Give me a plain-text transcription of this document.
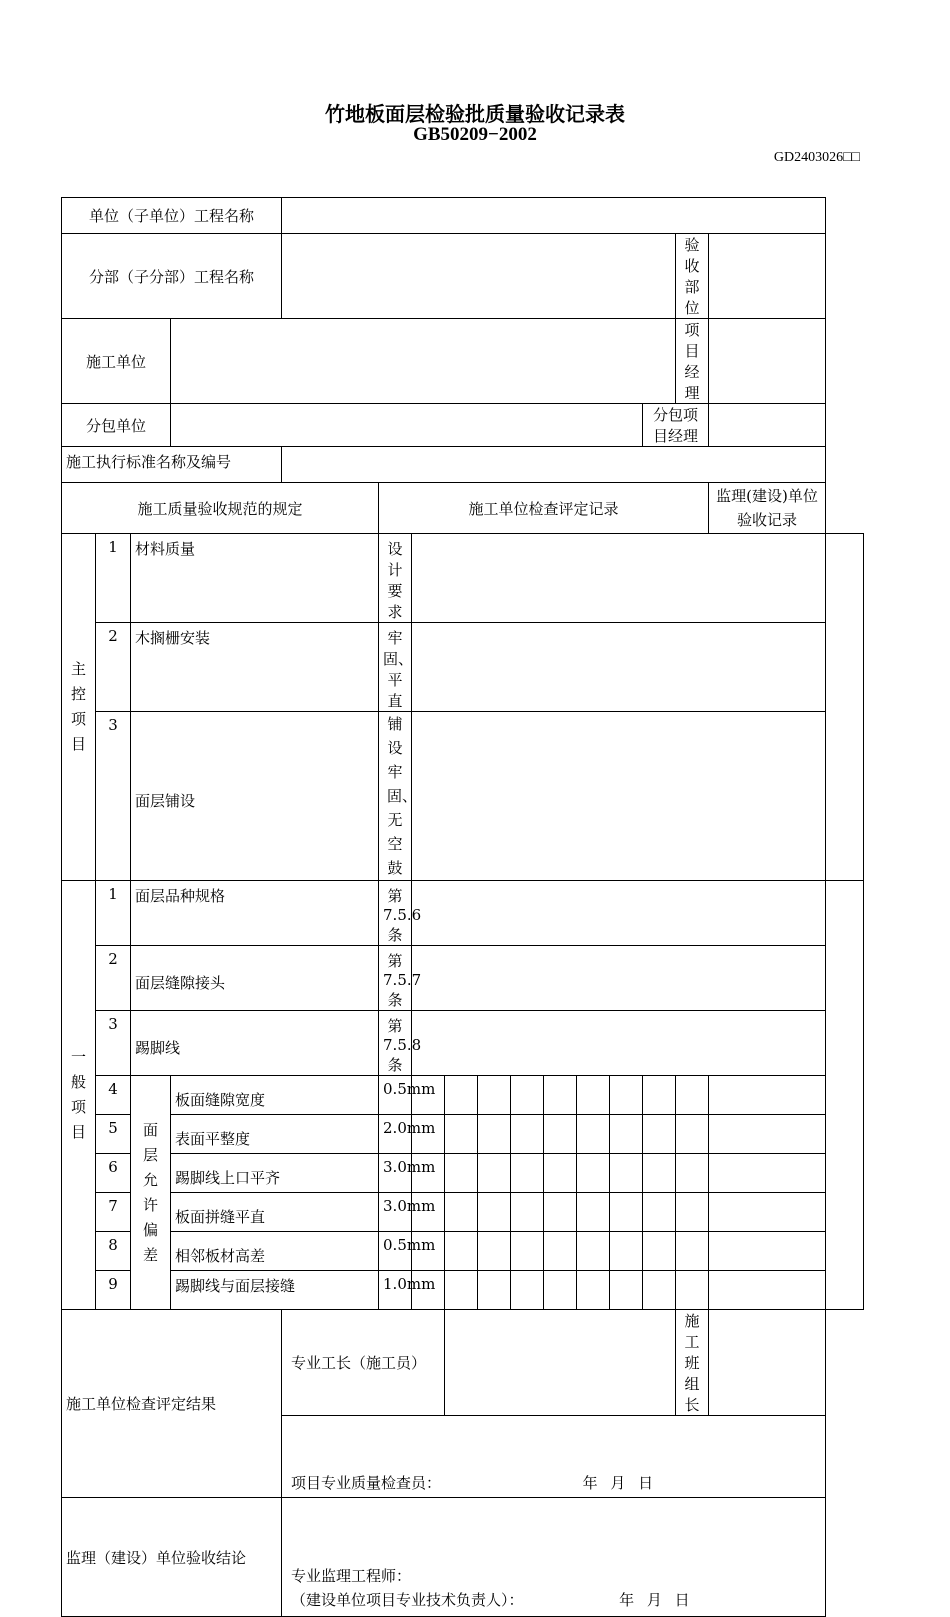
竹地板面层检验批质量验收记录表
GB50209−2002
GD2403026□□
单位（子单位）工程名称																
分部（子分部）工程名称														验收部位		
施工单位														项目经理		
分包单位													分包项目经理			
施工执行标准名称及编号																
施工质量验收规范的规定					施工单位检查评定记录										监理(建设)单位验收记录	

主控项目	1	材料质量			设计要求											
	2	木搁栅安装			牢固、平直											
	3	面层铺设			铺设牢固、无空鼓											

一般项目	1	面层品种规格			第 7.5.6 条											
	2	面层缝隙接头			第 7.5.7 条											
	3	踢脚线			第 7.5.8 条											
	4	面层允许偏差	板面缝隙宽度		0.5mm											
	5		表面平整度		2.0mm											
	6		踢脚线上口平齐		3.0mm											
	7		板面拼缝平直		3.0mm											
	8		相邻板材高差		0.5mm											
	9		踢脚线与面层接缝		1.0mm											
施工单位检查评定结果				专业工长（施工员）										施工班组长		
				项目专业质量检查员： 年 月 日												
监理（建设）单位验收结论				专业监理工程师：
（建设单位项目专业技术负责人）： 年 月 日												
